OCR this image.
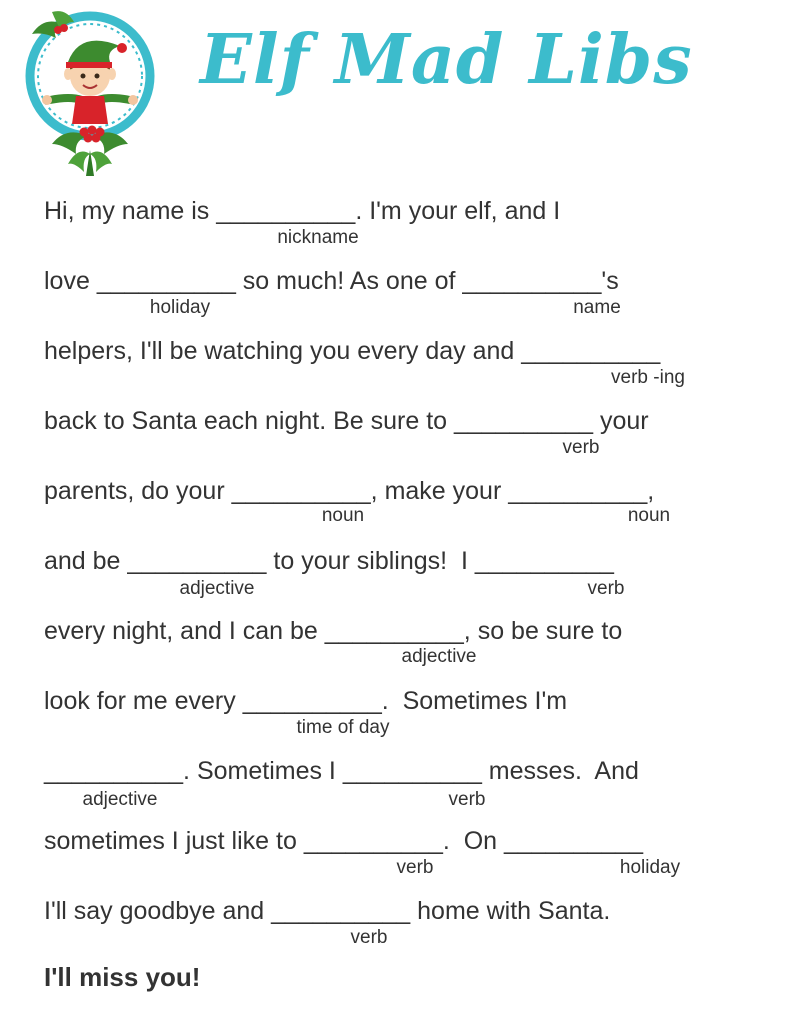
Elf Mad Libs

Hi, my name is __________. I'm your elf, and I

love __________ so much! As one of __________'s

helpers, I'll be watching you every day and __________

back to Santa each night. Be sure to __________ your

parents, do your __________, make your __________,

and be __________ to your siblings!  I __________

every night, and I can be __________, so be sure to

look for me every __________.  Sometimes I'm

__________. Sometimes I __________ messes.  And

sometimes I just like to __________.  On __________

I'll say goodbye and __________ home with Santa.

nickname
holiday	name
verb -ing
verb
noun	noun
adjective	verb
adjective
time of day
adjective	verb
verb	holiday
verb

I'll miss you!
